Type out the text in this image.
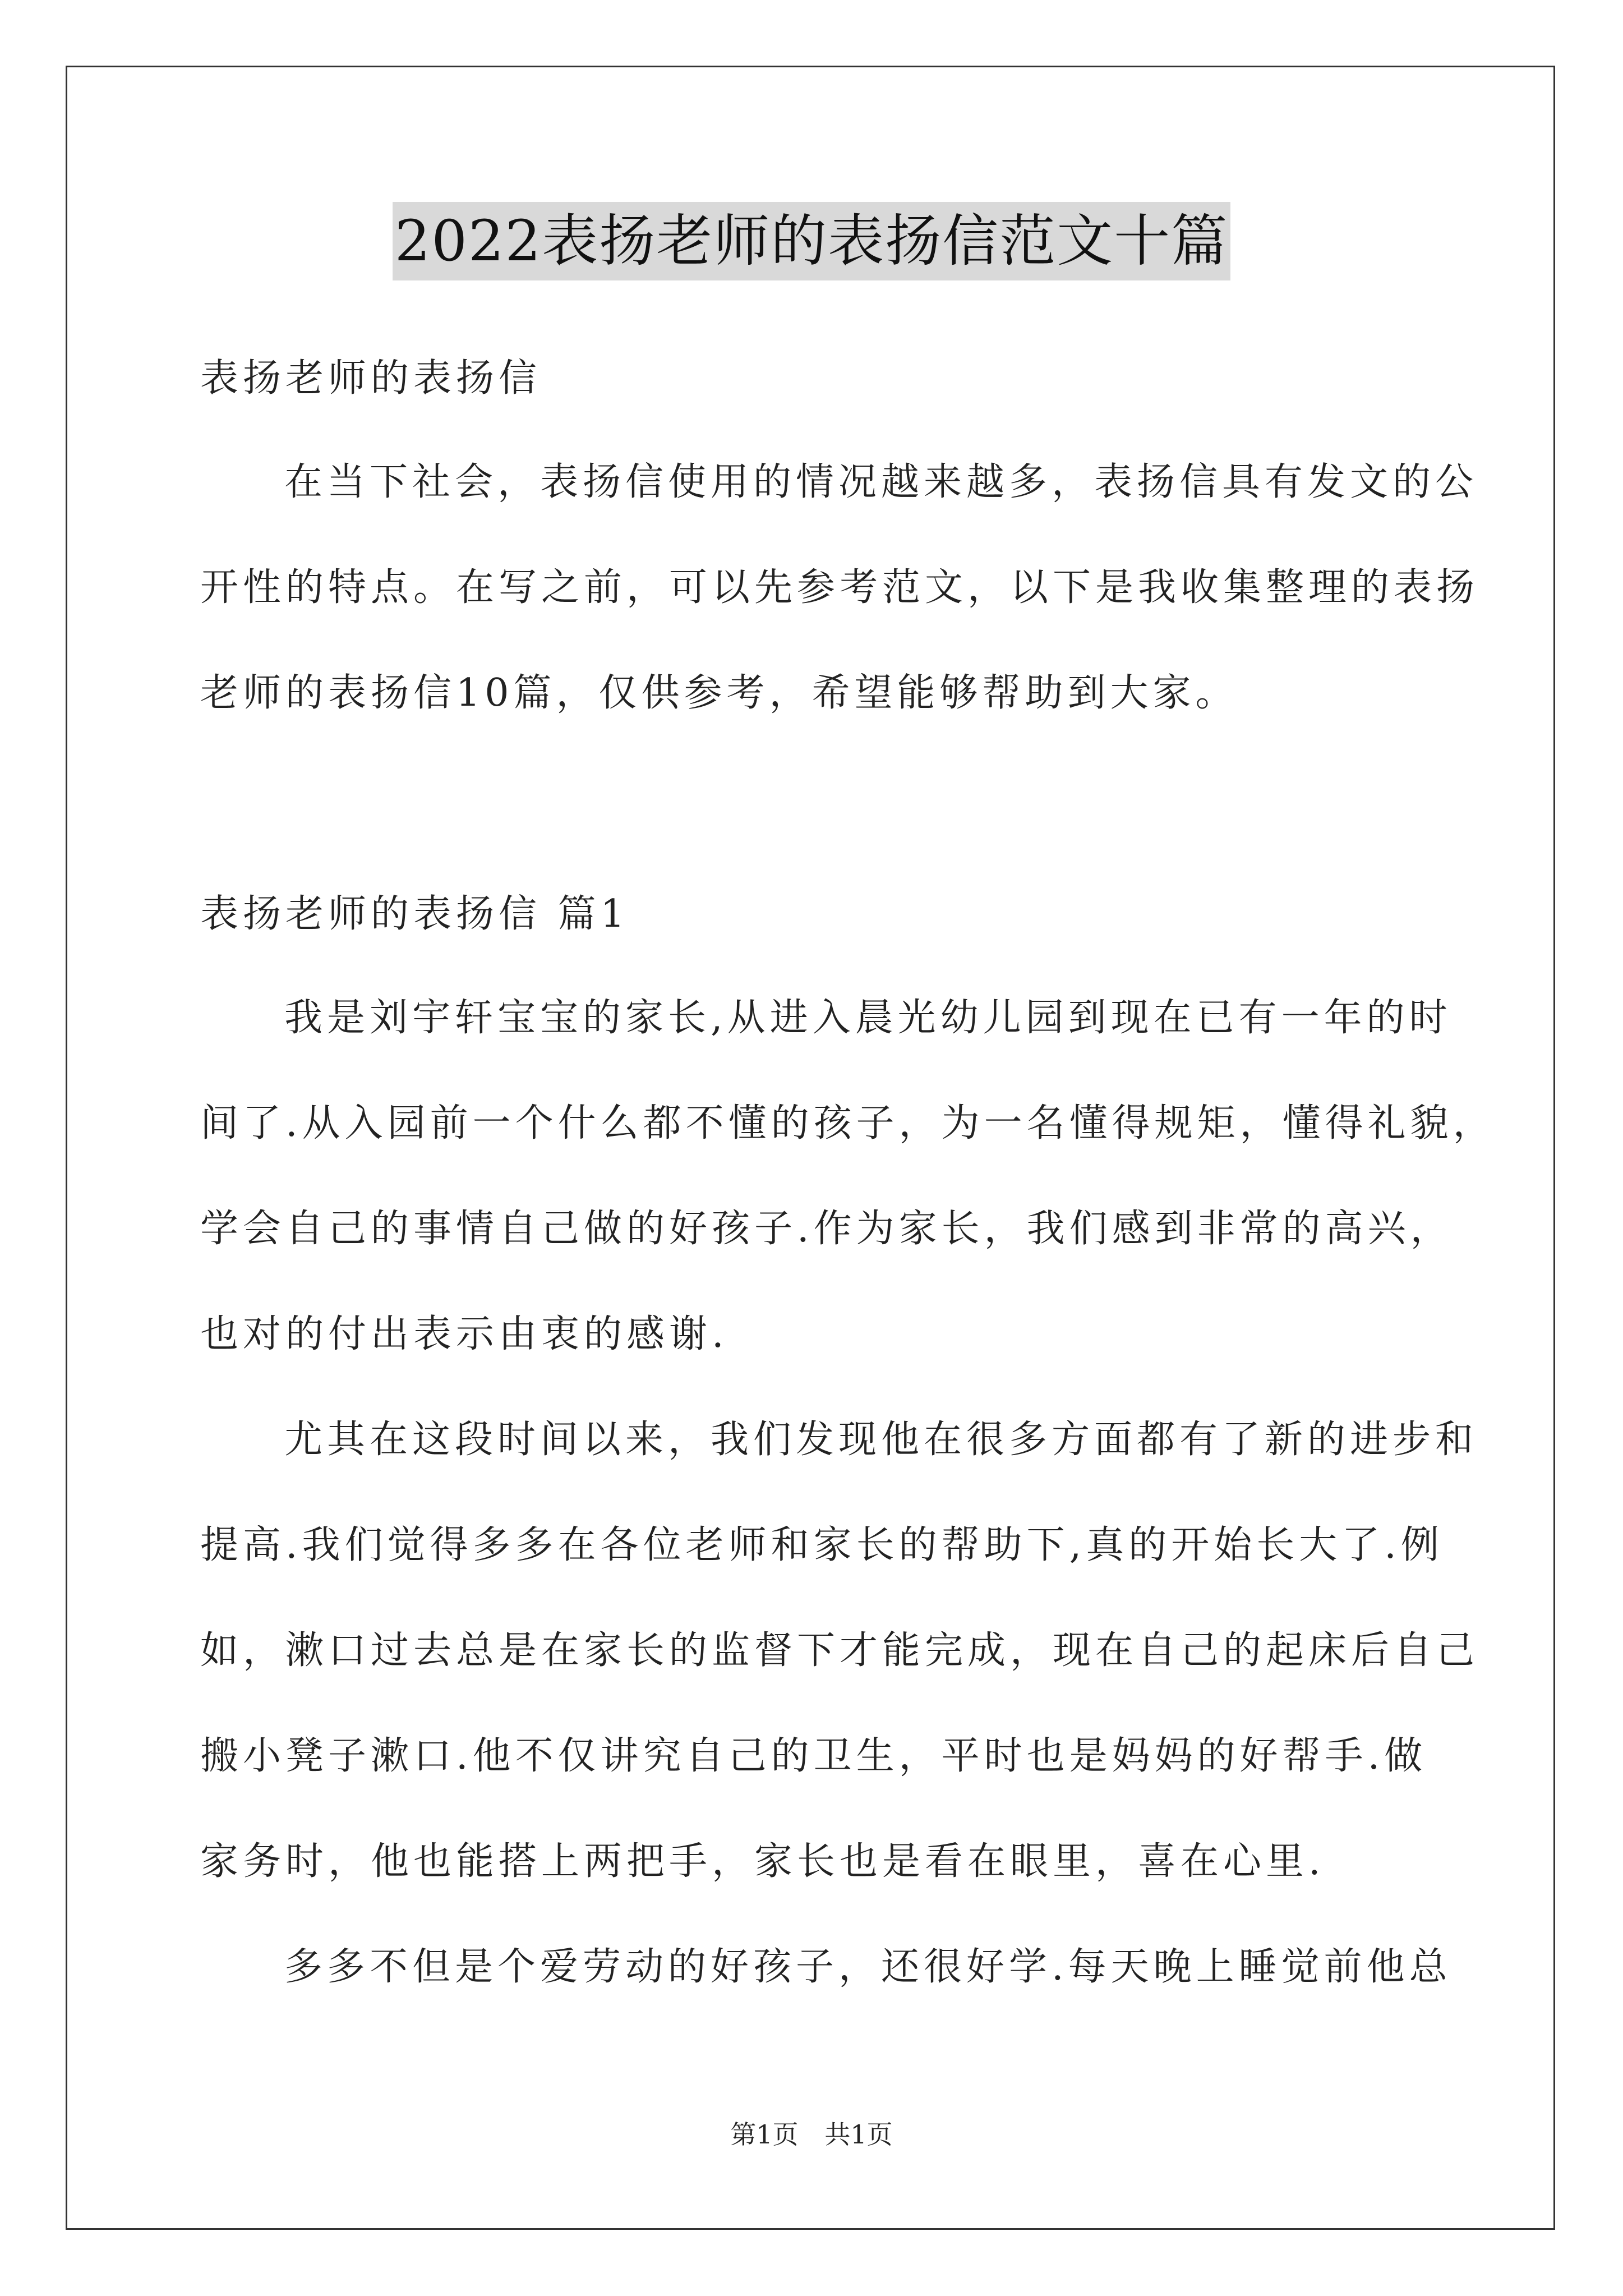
2022表扬老师的表扬信范文十篇
表扬老师的表扬信
在当下社会，表扬信使用的情况越来越多，表扬信具有发文的公
开性的特点。在写之前，可以先参考范文，以下是我收集整理的表扬
老师的表扬信10篇，仅供参考，希望能够帮助到大家。
表扬老师的表扬信 篇1
我是刘宇轩宝宝的家长,从进入晨光幼儿园到现在已有一年的时
间了.从入园前一个什么都不懂的孩子，为一名懂得规矩，懂得礼貌，
学会自己的事情自己做的好孩子.作为家长，我们感到非常的高兴，
也对的付出表示由衷的感谢.
尤其在这段时间以来，我们发现他在很多方面都有了新的进步和
提高.我们觉得多多在各位老师和家长的帮助下,真的开始长大了.例
如，漱口过去总是在家长的监督下才能完成，现在自己的起床后自己
搬小凳子漱口.他不仅讲究自己的卫生，平时也是妈妈的好帮手.做
家务时，他也能搭上两把手，家长也是看在眼里，喜在心里.
多多不但是个爱劳动的好孩子，还很好学.每天晚上睡觉前他总
第1页 共1页
